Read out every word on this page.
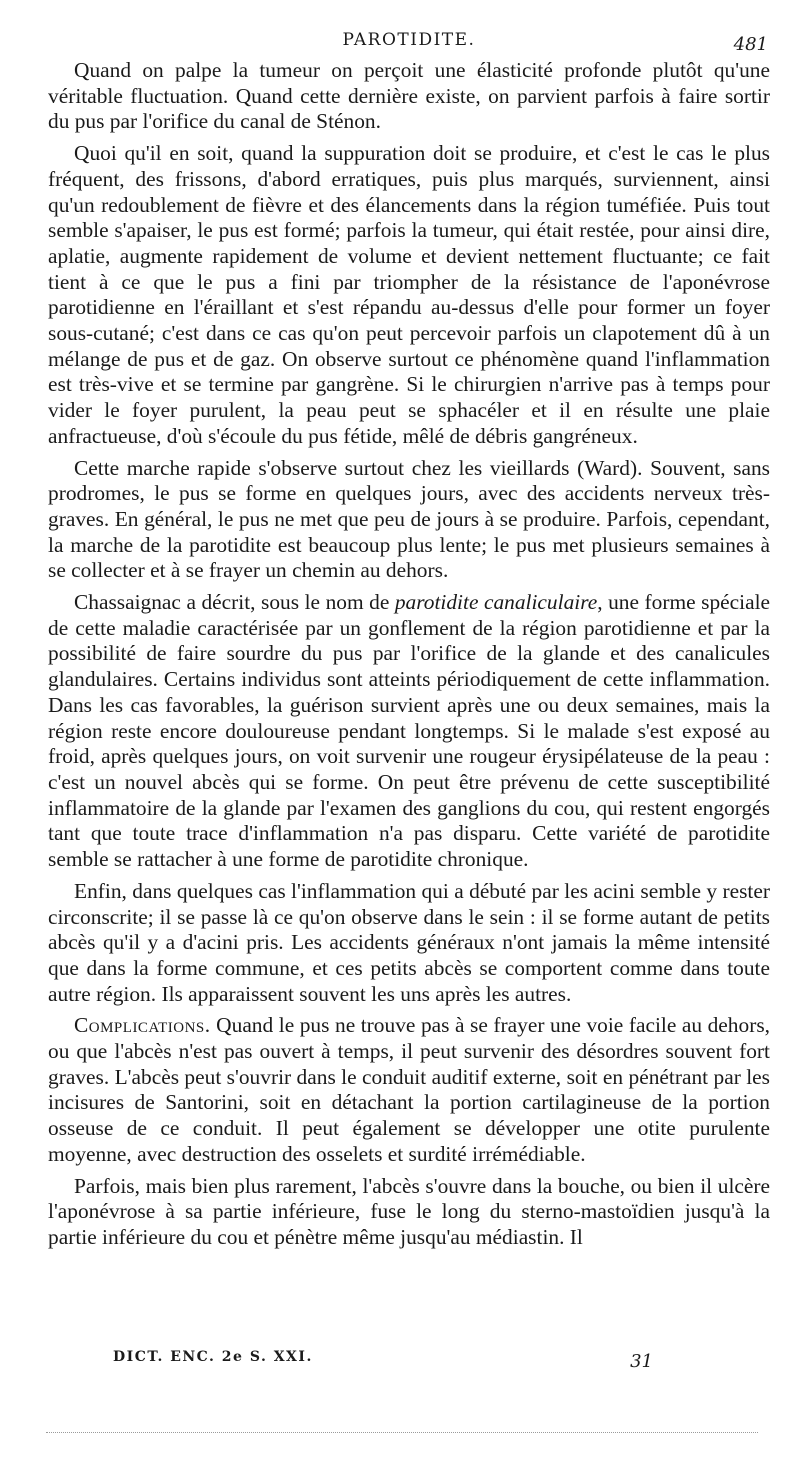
PAROTIDITE.	481

Quand on palpe la tumeur on perçoit une élasticité profonde plutôt qu'une véritable fluctuation. Quand cette dernière existe, on parvient parfois à faire sortir du pus par l'orifice du canal de Sténon.

Quoi qu'il en soit, quand la suppuration doit se produire, et c'est le cas le plus fréquent, des frissons, d'abord erratiques, puis plus marqués, surviennent, ainsi qu'un redoublement de fièvre et des élancements dans la région tuméfiée. Puis tout semble s'apaiser, le pus est formé; parfois la tumeur, qui était restée, pour ainsi dire, aplatie, augmente rapidement de volume et devient nettement fluctuante; ce fait tient à ce que le pus a fini par triompher de la résistance de l'aponévrose parotidienne en l'éraillant et s'est répandu au-dessus d'elle pour former un foyer sous-cutané; c'est dans ce cas qu'on peut percevoir parfois un clapotement dû à un mélange de pus et de gaz. On observe surtout ce phénomène quand l'inflammation est très-vive et se termine par gangrène. Si le chirurgien n'arrive pas à temps pour vider le foyer purulent, la peau peut se sphacéler et il en résulte une plaie anfractueuse, d'où s'écoule du pus fétide, mêlé de débris gangréneux.

Cette marche rapide s'observe surtout chez les vieillards (Ward). Souvent, sans prodromes, le pus se forme en quelques jours, avec des accidents nerveux très-graves. En général, le pus ne met que peu de jours à se produire. Parfois, cependant, la marche de la parotidite est beaucoup plus lente; le pus met plusieurs semaines à se collecter et à se frayer un chemin au dehors.

Chassaignac a décrit, sous le nom de parotidite canaliculaire, une forme spéciale de cette maladie caractérisée par un gonflement de la région parotidienne et par la possibilité de faire sourdre du pus par l'orifice de la glande et des canalicules glandulaires. Certains individus sont atteints périodiquement de cette inflammation. Dans les cas favorables, la guérison survient après une ou deux semaines, mais la région reste encore douloureuse pendant longtemps. Si le malade s'est exposé au froid, après quelques jours, on voit survenir une rougeur érysipélateuse de la peau : c'est un nouvel abcès qui se forme. On peut être prévenu de cette susceptibilité inflammatoire de la glande par l'examen des ganglions du cou, qui restent engorgés tant que toute trace d'inflammation n'a pas disparu. Cette variété de parotidite semble se rattacher à une forme de parotidite chronique.

Enfin, dans quelques cas l'inflammation qui a débuté par les acini semble y rester circonscrite; il se passe là ce qu'on observe dans le sein : il se forme autant de petits abcès qu'il y a d'acini pris. Les accidents généraux n'ont jamais la même intensité que dans la forme commune, et ces petits abcès se comportent comme dans toute autre région. Ils apparaissent souvent les uns après les autres.

Complications. Quand le pus ne trouve pas à se frayer une voie facile au dehors, ou que l'abcès n'est pas ouvert à temps, il peut survenir des désordres souvent fort graves. L'abcès peut s'ouvrir dans le conduit auditif externe, soit en pénétrant par les incisures de Santorini, soit en détachant la portion cartilagineuse de la portion osseuse de ce conduit. Il peut également se développer une otite purulente moyenne, avec destruction des osselets et surdité irrémédiable.

Parfois, mais bien plus rarement, l'abcès s'ouvre dans la bouche, ou bien il ulcère l'aponévrose à sa partie inférieure, fuse le long du sterno-mastoïdien jusqu'à la partie inférieure du cou et pénètre même jusqu'au médiastin. Il

DICT. ENC. 2e S. XXI.	31
